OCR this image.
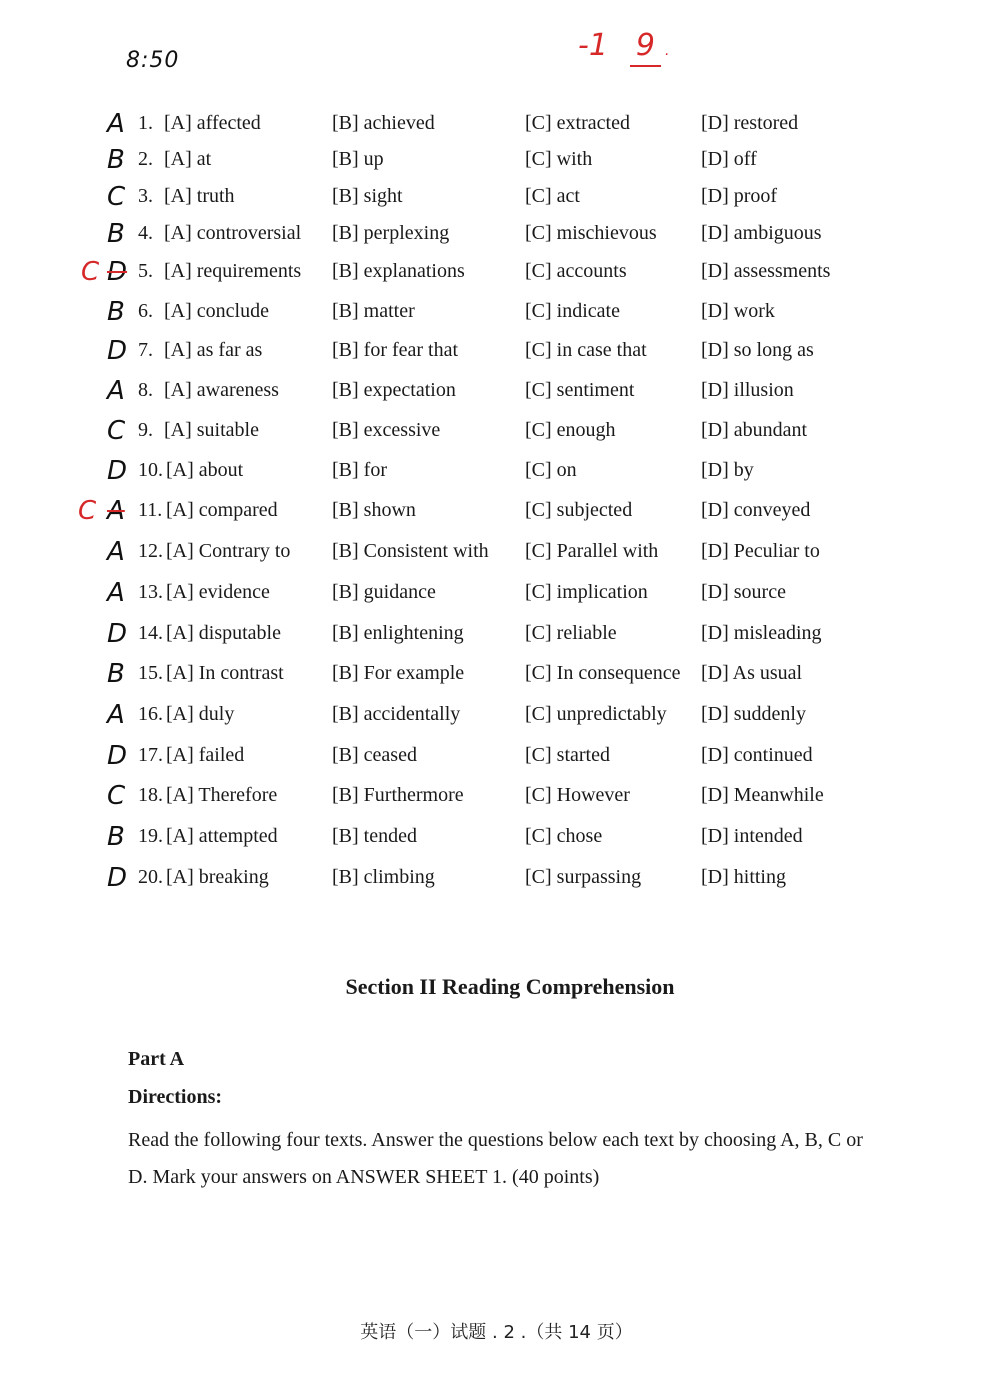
8:50	-1 9 .
A 1. [A] affected	[B] achieved	[C] extracted	[D] restored
B 2. [A] at	[B] up	[C] with	[D] off
C 3. [A] truth	[B] sight	[C] act	[D] proof
B 4. [A] controversial [B] perplexing	[C] mischievous [D] ambiguous
C D 5. [A] requirements [B] explanations	[C] accounts	[D] assessments
B 6. [A] conclude	[B] matter	[C] indicate	[D] work
D 7. [A] as far as	[B] for fear that	[C] in case that	[D] so long as
A 8. [A] awareness	[B] expectation	[C] sentiment	[D] illusion
C 9. [A] suitable	[B] excessive	[C] enough	[D] abundant
D 10. [A] about	[B] for	[C] on	[D] by
C A 11. [A] compared	[B] shown	[C] subjected	[D] conveyed
A 12. [A] Contrary to [B] Consistent with [C] Parallel with [D] Peculiar to
A 13. [A] evidence	[B] guidance	[C] implication	[D] source
D 14. [A] disputable	[B] enlightening	[C] reliable	[D] misleading
B 15. [A] In contrast [B] For example	[C] In consequence [D] As usual
A 16. [A] duly	[B] accidentally	[C] unpredictably [D] suddenly
D 17. [A] failed	[B] ceased	[C] started	[D] continued
C 18. [A] Therefore	[B] Furthermore	[C] However	[D] Meanwhile
B 19. [A] attempted	[B] tended	[C] chose	[D] intended
D 20. [A] breaking	[B] climbing	[C] surpassing	[D] hitting
Section II Reading Comprehension
Part A
Directions:
Read the following four texts. Answer the questions below each text by choosing A, B, C or D. Mark your answers on ANSWER SHEET 1. (40 points)
英语（一）试题 . 2 .（共 14 页）
